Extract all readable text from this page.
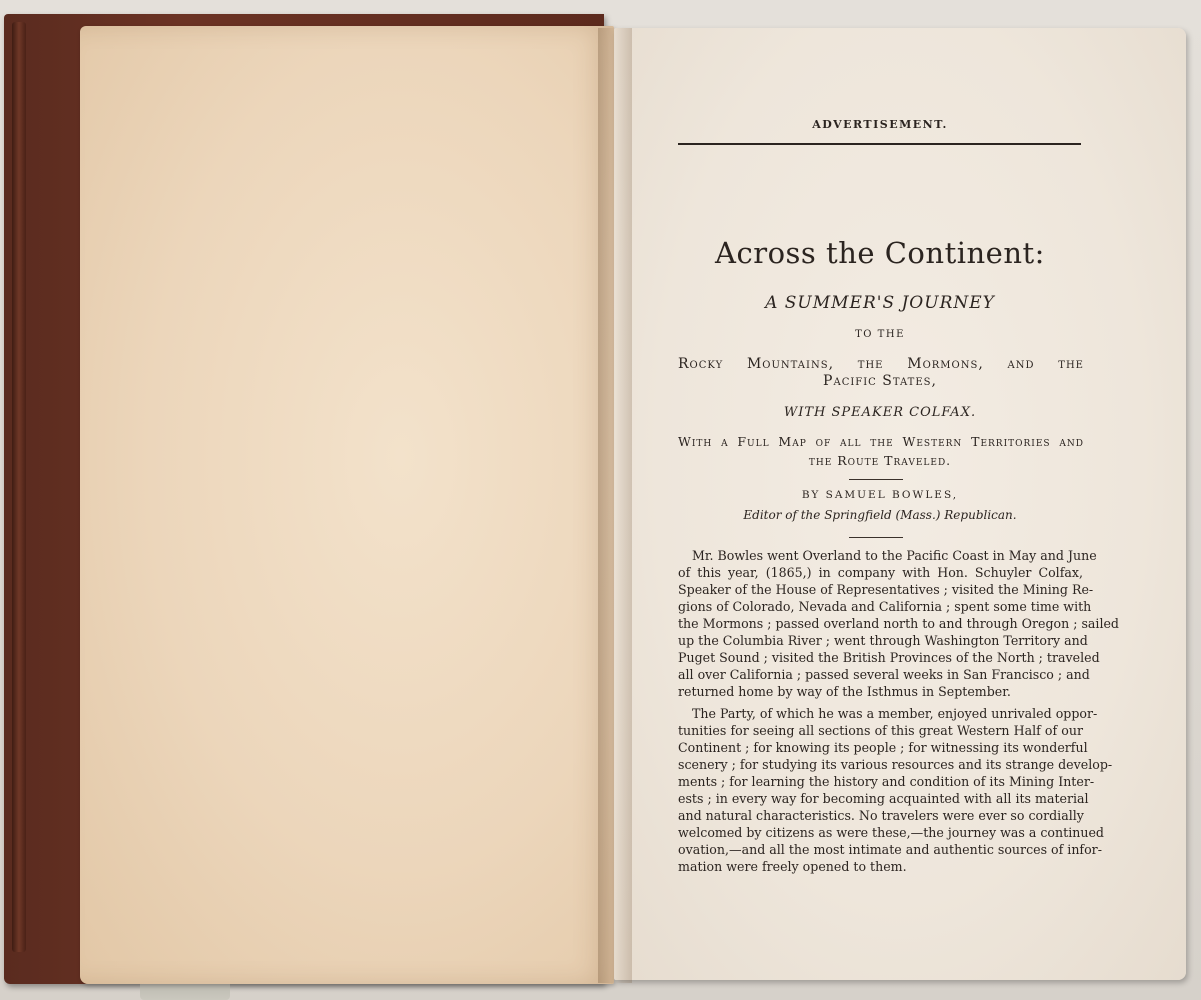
ADVERTISEMENT.
Across the Continent:
A SUMMER'S JOURNEY
TO THE
Rocky Mountains, the Mormons, and the
Pacific States,
WITH SPEAKER COLFAX.
With a Full Map of all the Western Territories and
the Route Traveled.
BY SAMUEL BOWLES,
Editor of the Springfield (Mass.) Republican.
Mr. Bowles went Overland to the Pacific Coast in May and June
of this year, (1865,) in company with Hon. Schuyler Colfax,
Speaker of the House of Representatives ; visited the Mining Re-
gions of Colorado, Nevada and California ; spent some time with
the Mormons ; passed overland north to and through Oregon ; sailed
up the Columbia River ; went through Washington Territory and
Puget Sound ; visited the British Provinces of the North ; traveled
all over California ; passed several weeks in San Francisco ; and
returned home by way of the Isthmus in September.
The Party, of which he was a member, enjoyed unrivaled oppor-
tunities for seeing all sections of this great Western Half of our
Continent ; for knowing its people ; for witnessing its wonderful
scenery ; for studying its various resources and its strange develop-
ments ; for learning the history and condition of its Mining Inter-
ests ; in every way for becoming acquainted with all its material
and natural characteristics. No travelers were ever so cordially
welcomed by citizens as were these,—the journey was a continued
ovation,—and all the most intimate and authentic sources of infor-
mation were freely opened to them.
